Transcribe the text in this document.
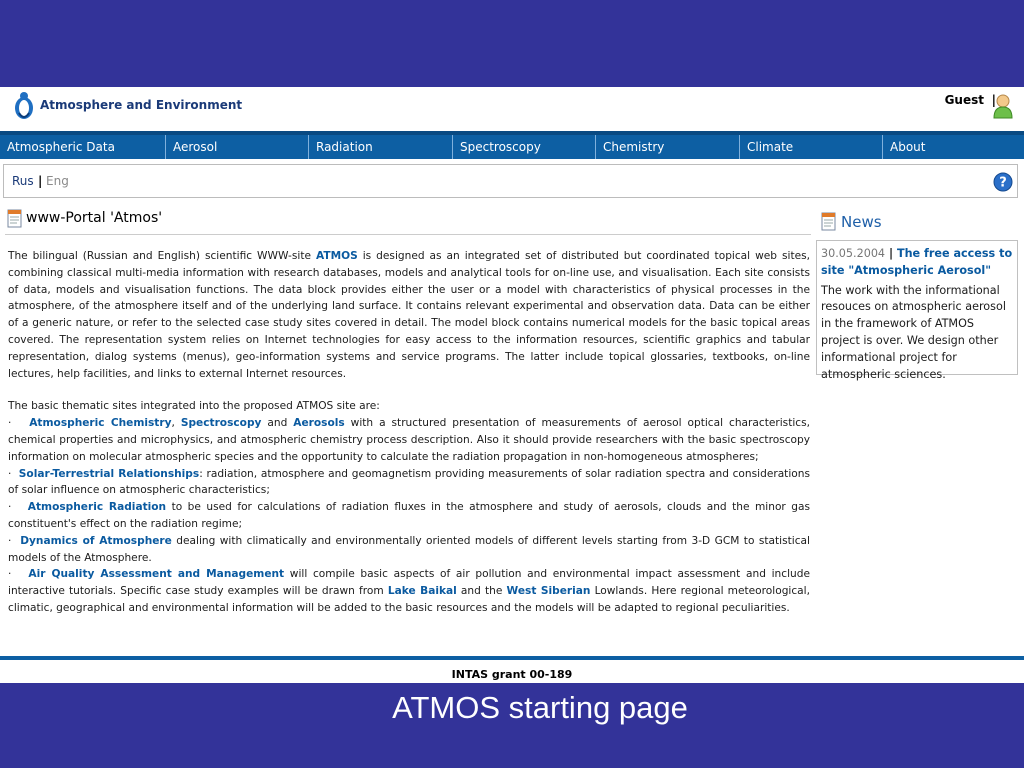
Atmosphere and Environment	Guest |
Atmospheric Data	Aerosol	Radiation	Spectroscopy	Chemistry	Climate	About
Rus | Eng	?
www-Portal 'Atmos'

The bilingual (Russian and English) scientific WWW-site ATMOS is designed as an integrated set of distributed but coordinated topical web sites, combining classical multi-media information with research databases, models and analytical tools for on-line use, and visualisation. Each site consists of data, models and visualisation functions. The data block provides either the user or a model with characteristics of physical processes in the atmosphere, of the atmosphere itself and of the underlying land surface. It contains relevant experimental and observation data. Data can be either of a generic nature, or refer to the selected case study sites covered in detail. The model block contains numerical models for the basic topical areas covered. The representation system relies on Internet technologies for easy access to the information resources, scientific graphics and tabular representation, dialog systems (menus), geo-information systems and service programs. The latter include topical glossaries, textbooks, on-line lectures, help facilities, and links to external Internet resources.

The basic thematic sites integrated into the proposed ATMOS site are:

· Atmospheric Chemistry, Spectroscopy and Aerosols with a structured presentation of measurements of aerosol optical characteristics, chemical properties and microphysics, and atmospheric chemistry process description. Also it should provide researchers with the basic spectroscopy information on molecular atmospheric species and the opportunity to calculate the radiation propagation in non-homogeneous atmospheres;

· Solar-Terrestrial Relationships: radiation, atmosphere and geomagnetism providing measurements of solar radiation spectra and considerations of solar influence on atmospheric characteristics;

· Atmospheric Radiation to be used for calculations of radiation fluxes in the atmosphere and study of aerosols, clouds and the minor gas constituent's effect on the radiation regime;

· Dynamics of Atmosphere dealing with climatically and environmentally oriented models of different levels starting from 3-D GCM to statistical models of the Atmosphere.

· Air Quality Assessment and Management will compile basic aspects of air pollution and environmental impact assessment and include interactive tutorials. Specific case study examples will be drawn from Lake Baikal and the West Siberian Lowlands. Here regional meteorological, climatic, geographical and environmental information will be added to the basic resources and the models will be adapted to regional peculiarities.

News
30.05.2004 | The free access to site "Atmospheric Aerosol"
The work with the informational resouces on atmospheric aerosol in the framework of ATMOS project is over. We design other informational project for atmospheric sciences.
INTAS grant 00-189
ATMOS starting page
